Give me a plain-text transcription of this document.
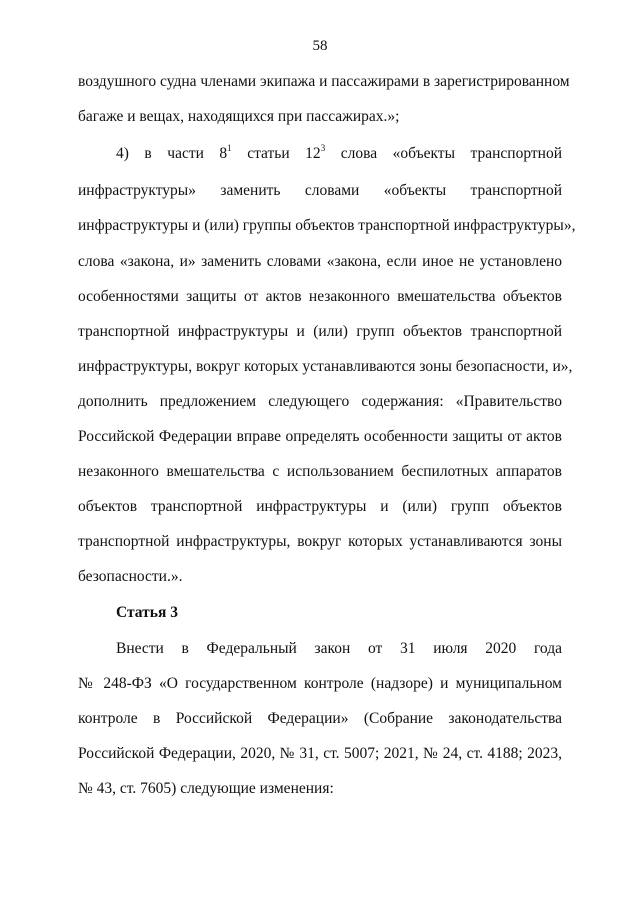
58
воздушного судна членами экипажа и пассажирами в зарегистрированном
багаже и вещах, находящихся при пассажирах.»;
4) в части $8^1$ статьи $12^3$ слова «объекты транспортной
инфраструктуры» заменить словами «объекты транспортной
инфраструктуры и (или) группы объектов транспортной инфраструктуры»,
слова «закона, и» заменить словами «закона, если иное не установлено
особенностями защиты от актов незаконного вмешательства объектов
транспортной инфраструктуры и (или) групп объектов транспортной
инфраструктуры, вокруг которых устанавливаются зоны безопасности, и»,
дополнить предложением следующего содержания: «Правительство
Российской Федерации вправе определять особенности защиты от актов
незаконного вмешательства с использованием беспилотных аппаратов
объектов транспортной инфраструктуры и (или) групп объектов
транспортной инфраструктуры, вокруг которых устанавливаются зоны
безопасности.».
Статья 3
Внести в Федеральный закон от 31 июля 2020 года
№ 248-ФЗ «О государственном контроле (надзоре) и муниципальном
контроле в Российской Федерации» (Собрание законодательства
Российской Федерации, 2020, № 31, ст. 5007; 2021, № 24, ст. 4188; 2023,
№ 43, ст. 7605) следующие изменения:
